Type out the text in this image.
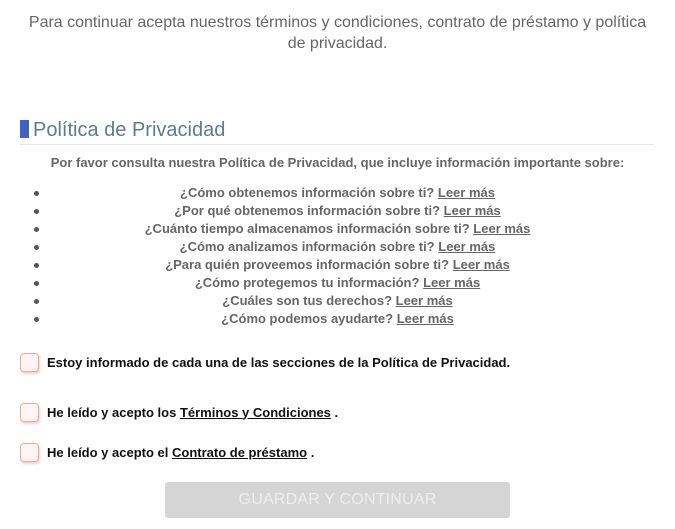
Para continuar acepta nuestros términos y condiciones, contrato de préstamo y política
de privacidad.
Política de Privacidad
Por favor consulta nuestra Política de Privacidad, que incluye información importante sobre:
¿Cómo obtenemos información sobre ti? Leer más
¿Por qué obtenemos información sobre ti? Leer más
¿Cuánto tiempo almacenamos información sobre ti? Leer más
¿Cómo analizamos información sobre ti? Leer más
¿Para quién proveemos información sobre ti? Leer más
¿Cómo protegemos tu información? Leer más
¿Cuáles son tus derechos? Leer más
¿Cómo podemos ayudarte? Leer más
Estoy informado de cada una de las secciones de la Política de Privacidad.
He leído y acepto los Términos y Condiciones .
He leído y acepto el Contrato de préstamo .
GUARDAR Y CONTINUAR
